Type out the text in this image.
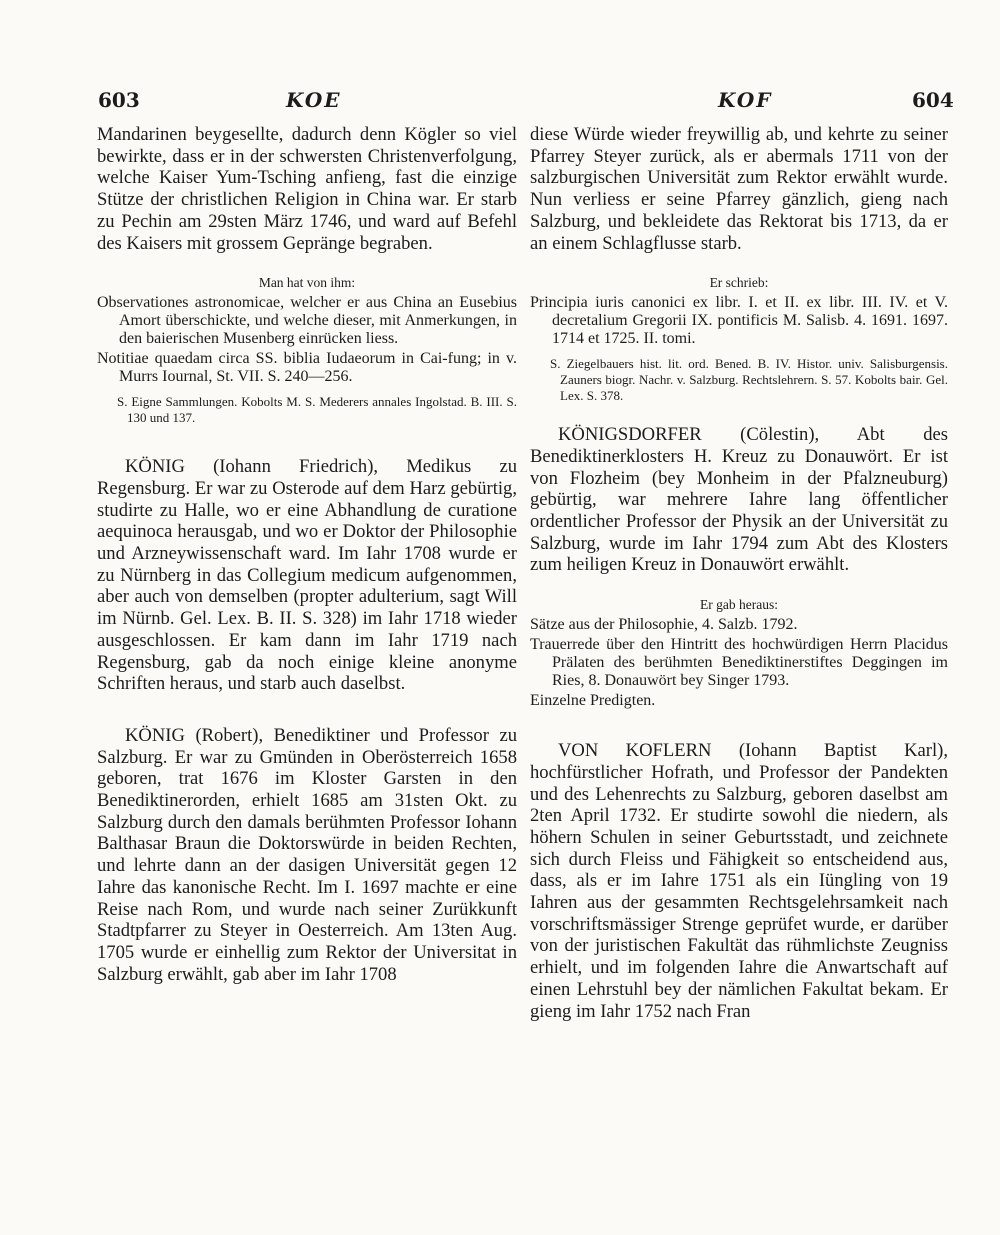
603	KOE	KOF	604

Mandarinen beygesellte, dadurch denn Kögler so viel bewirkte, dass er in der schwersten Christenverfolgung, welche Kaiser Yum-Tsching anfieng, fast die einzige Stütze der christlichen Religion in China war. Er starb zu Pechin am 29sten März 1746, und ward auf Befehl des Kaisers mit grossem Gepränge begraben.

Man hat von ihm:

Observationes astronomicae, welcher er aus China an Eusebius Amort überschickte, und welche dieser, mit Anmerkungen, in den baierischen Musenberg einrücken liess.

Notitiae quaedam circa SS. biblia Iudaeorum in Cai-fung; in v. Murrs Iournal, St. VII. S. 240—256.

S. Eigne Sammlungen. Kobolts M. S. Mederers annales Ingolstad. B. III. S. 130 und 137.

KÖNIG (Iohann Friedrich), Medikus zu Regensburg. Er war zu Osterode auf dem Harz gebürtig, studirte zu Halle, wo er eine Abhandlung de curatione aequinoca herausgab, und wo er Doktor der Philosophie und Arzneywissenschaft ward. Im Iahr 1708 wurde er zu Nürnberg in das Collegium medicum aufgenommen, aber auch von demselben (propter adulterium, sagt Will im Nürnb. Gel. Lex. B. II. S. 328) im Iahr 1718 wieder ausgeschlossen. Er kam dann im Iahr 1719 nach Regensburg, gab da noch einige kleine anonyme Schriften heraus, und starb auch daselbst.

KÖNIG (Robert), Benediktiner und Professor zu Salzburg. Er war zu Gmünden in Oberösterreich 1658 geboren, trat 1676 im Kloster Garsten in den Benediktinerorden, erhielt 1685 am 31sten Okt. zu Salzburg durch den damals berühmten Professor Iohann Balthasar Braun die Doktorswürde in beiden Rechten, und lehrte dann an der dasigen Universität gegen 12 Iahre das kanonische Recht. Im I. 1697 machte er eine Reise nach Rom, und wurde nach seiner Zurükkunft Stadtpfarrer zu Steyer in Oesterreich. Am 13ten Aug. 1705 wurde er einhellig zum Rektor der Universitat in Salzburg erwählt, gab aber im Iahr 1708

diese Würde wieder freywillig ab, und kehrte zu seiner Pfarrey Steyer zurück, als er abermals 1711 von der salzburgischen Universität zum Rektor erwählt wurde. Nun verliess er seine Pfarrey gänzlich, gieng nach Salzburg, und bekleidete das Rektorat bis 1713, da er an einem Schlagflusse starb.

Er schrieb:

Principia iuris canonici ex libr. I. et II. ex libr. III. IV. et V. decretalium Gregorii IX. pontificis M. Salisb. 4. 1691. 1697. 1714 et 1725. II. tomi.

S. Ziegelbauers hist. lit. ord. Bened. B. IV. Histor. univ. Salisburgensis. Zauners biogr. Nachr. v. Salzburg. Rechtslehrern. S. 57. Kobolts bair. Gel. Lex. S. 378.

KÖNIGSDORFER (Cölestin), Abt des Benediktinerklosters H. Kreuz zu Donauwört. Er ist von Flozheim (bey Monheim in der Pfalzneuburg) gebürtig, war mehrere Iahre lang öffentlicher ordentlicher Professor der Physik an der Universität zu Salzburg, wurde im Iahr 1794 zum Abt des Klosters zum heiligen Kreuz in Donauwört erwählt.

Er gab heraus:

Sätze aus der Philosophie, 4. Salzb. 1792.

Trauerrede über den Hintritt des hochwürdigen Herrn Placidus Prälaten des berühmten Benediktinerstiftes Deggingen im Ries, 8. Donauwört bey Singer 1793.

Einzelne Predigten.

VON KOFLERN (Iohann Baptist Karl), hochfürstlicher Hofrath, und Professor der Pandekten und des Lehenrechts zu Salzburg, geboren daselbst am 2ten April 1732. Er studirte sowohl die niedern, als höhern Schulen in seiner Geburtsstadt, und zeichnete sich durch Fleiss und Fähigkeit so entscheidend aus, dass, als er im Iahre 1751 als ein Iüngling von 19 Iahren aus der gesammten Rechtsgelehrsamkeit nach vorschriftsmässiger Strenge geprüfet wurde, er darüber von der juristischen Fakultät das rühmlichste Zeugniss erhielt, und im folgenden Iahre die Anwartschaft auf einen Lehrstuhl bey der nämlichen Fakultat bekam. Er gieng im Iahr 1752 nach Fran
